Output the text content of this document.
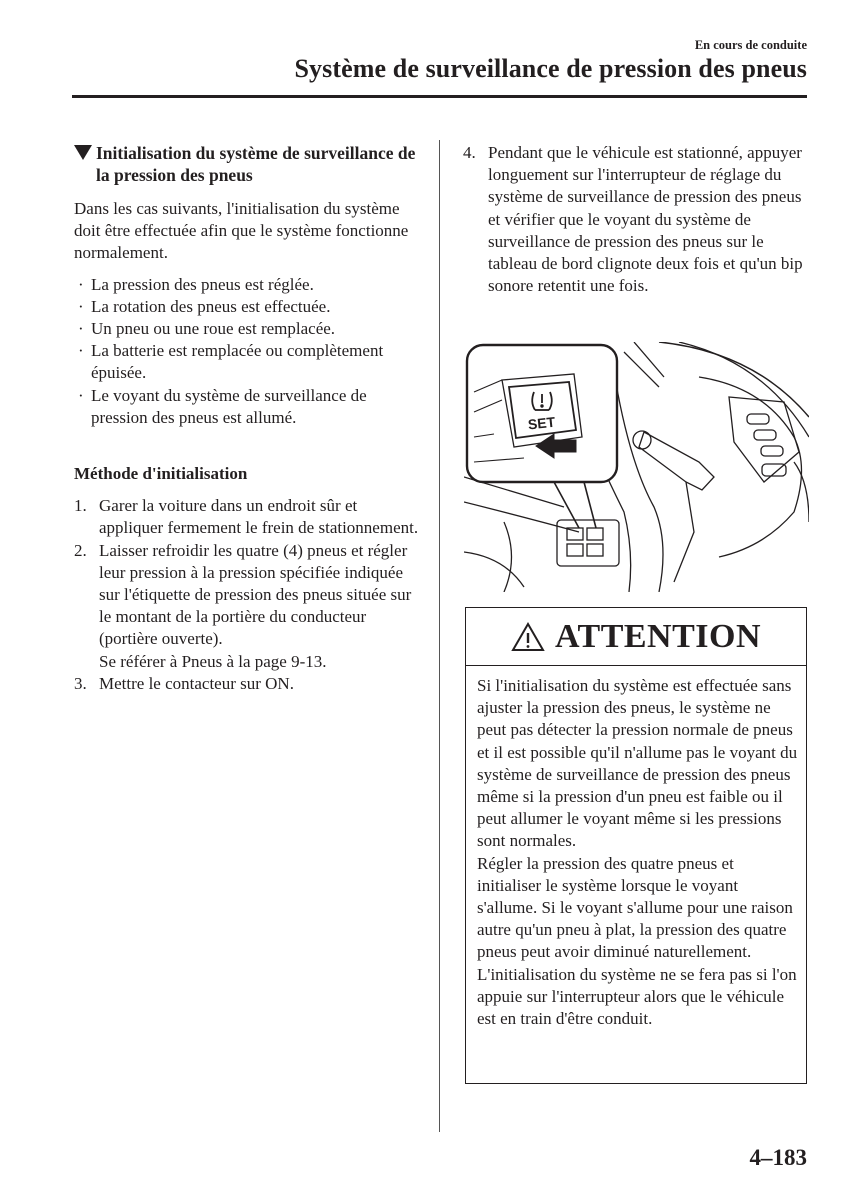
En cours de conduite
Système de surveillance de pression des pneus
Initialisation du système de surveillance de la pression des pneus
Dans les cas suivants, l'initialisation du système doit être effectuée afin que le système fonctionne normalement.
· La pression des pneus est réglée.
· La rotation des pneus est effectuée.
· Un pneu ou une roue est remplacée.
· La batterie est remplacée ou complètement épuisée.
· Le voyant du système de surveillance de pression des pneus est allumé.
Méthode d'initialisation
1. Garer la voiture dans un endroit sûr et appliquer fermement le frein de stationnement.
2. Laisser refroidir les quatre (4) pneus et régler leur pression à la pression spécifiée indiquée sur l'étiquette de pression des pneus située sur le montant de la portière du conducteur (portière ouverte).
Se référer à Pneus à la page 9-13.
3. Mettre le contacteur sur ON.
4. Pendant que le véhicule est stationné, appuyer longuement sur l'interrupteur de réglage du système de surveillance de pression des pneus et vérifier que le voyant du système de surveillance de pression des pneus sur le tableau de bord clignote deux fois et qu'un bip sonore retentit une fois.
SET
ATTENTION
Si l'initialisation du système est effectuée sans ajuster la pression des pneus, le système ne peut pas détecter la pression normale de pneus et il est possible qu'il n'allume pas le voyant du système de surveillance de pression des pneus même si la pression d'un pneu est faible ou il peut allumer le voyant même si les pressions sont normales.
Régler la pression des quatre pneus et initialiser le système lorsque le voyant s'allume. Si le voyant s'allume pour une raison autre qu'un pneu à plat, la pression des quatre pneus peut avoir diminué naturellement.
L'initialisation du système ne se fera pas si l'on appuie sur l'interrupteur alors que le véhicule est en train d'être conduit.
4–183
